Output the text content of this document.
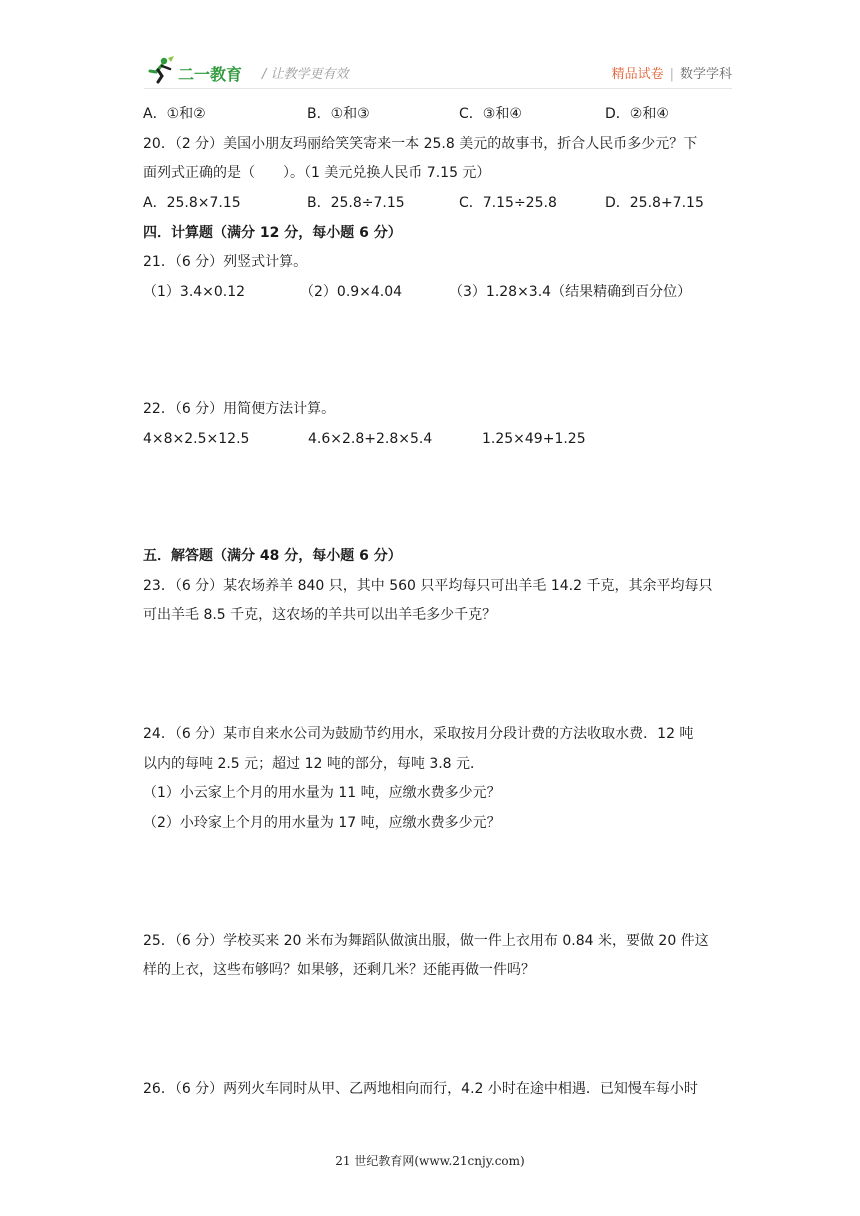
二一教育 / 让教学更有效	精品试卷 | 数学学科
A．①和②	B．①和③	C．③和④	D．②和④
20．（2 分）美国小朋友玛丽给笑笑寄来一本 25.8 美元的故事书，折合人民币多少元？下
面列式正确的是（　　）。（1 美元兑换人民币 7.15 元）
A．25.8×7.15	B．25.8÷7.15	C．7.15÷25.8	D．25.8+7.15
四．计算题（满分 12 分，每小题 6 分）
21．（6 分）列竖式计算。
（1）3.4×0.12	（2）0.9×4.04	（3）1.28×3.4（结果精确到百分位）
22．（6 分）用简便方法计算。
4×8×2.5×12.5	4.6×2.8+2.8×5.4	1.25×49+1.25
五．解答题（满分 48 分，每小题 6 分）
23．（6 分）某农场养羊 840 只，其中 560 只平均每只可出羊毛 14.2 千克，其余平均每只
可出羊毛 8.5 千克，这农场的羊共可以出羊毛多少千克？
24．（6 分）某市自来水公司为鼓励节约用水，采取按月分段计费的方法收取水费．12 吨
以内的每吨 2.5 元；超过 12 吨的部分，每吨 3.8 元．
（1）小云家上个月的用水量为 11 吨，应缴水费多少元？
（2）小玲家上个月的用水量为 17 吨，应缴水费多少元？
25．（6 分）学校买来 20 米布为舞蹈队做演出服，做一件上衣用布 0.84 米，要做 20 件这
样的上衣，这些布够吗？如果够，还剩几米？还能再做一件吗？
26．（6 分）两列火车同时从甲、乙两地相向而行，4.2 小时在途中相遇．已知慢车每小时
21 世纪教育网(www.21cnjy.com)
